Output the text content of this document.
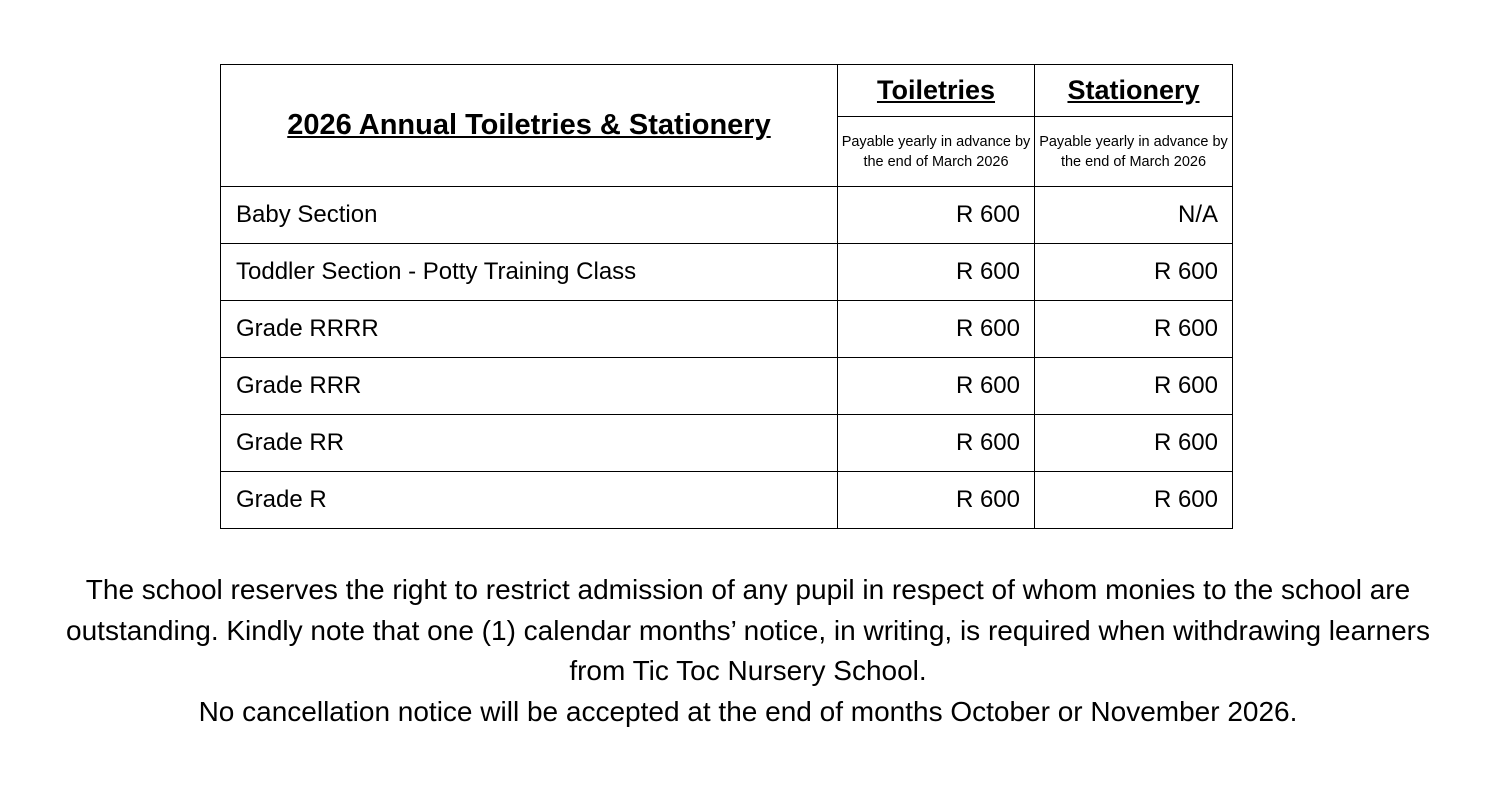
2026 Annual Toiletries & Stationery	Toiletries	Stationery
	Payable yearly in advance by the end of March 2026	Payable yearly in advance by the end of March 2026
Baby Section	R 600	N/A
Toddler Section - Potty Training Class	R 600	R 600
Grade RRRR	R 600	R 600
Grade RRR	R 600	R 600
Grade RR	R 600	R 600
Grade R	R 600	R 600

The school reserves the right to restrict admission of any pupil in respect of whom monies to the school are outstanding. Kindly note that one (1) calendar months’ notice, in writing, is required when withdrawing learners from Tic Toc Nursery School.

No cancellation notice will be accepted at the end of months October or November 2026.
